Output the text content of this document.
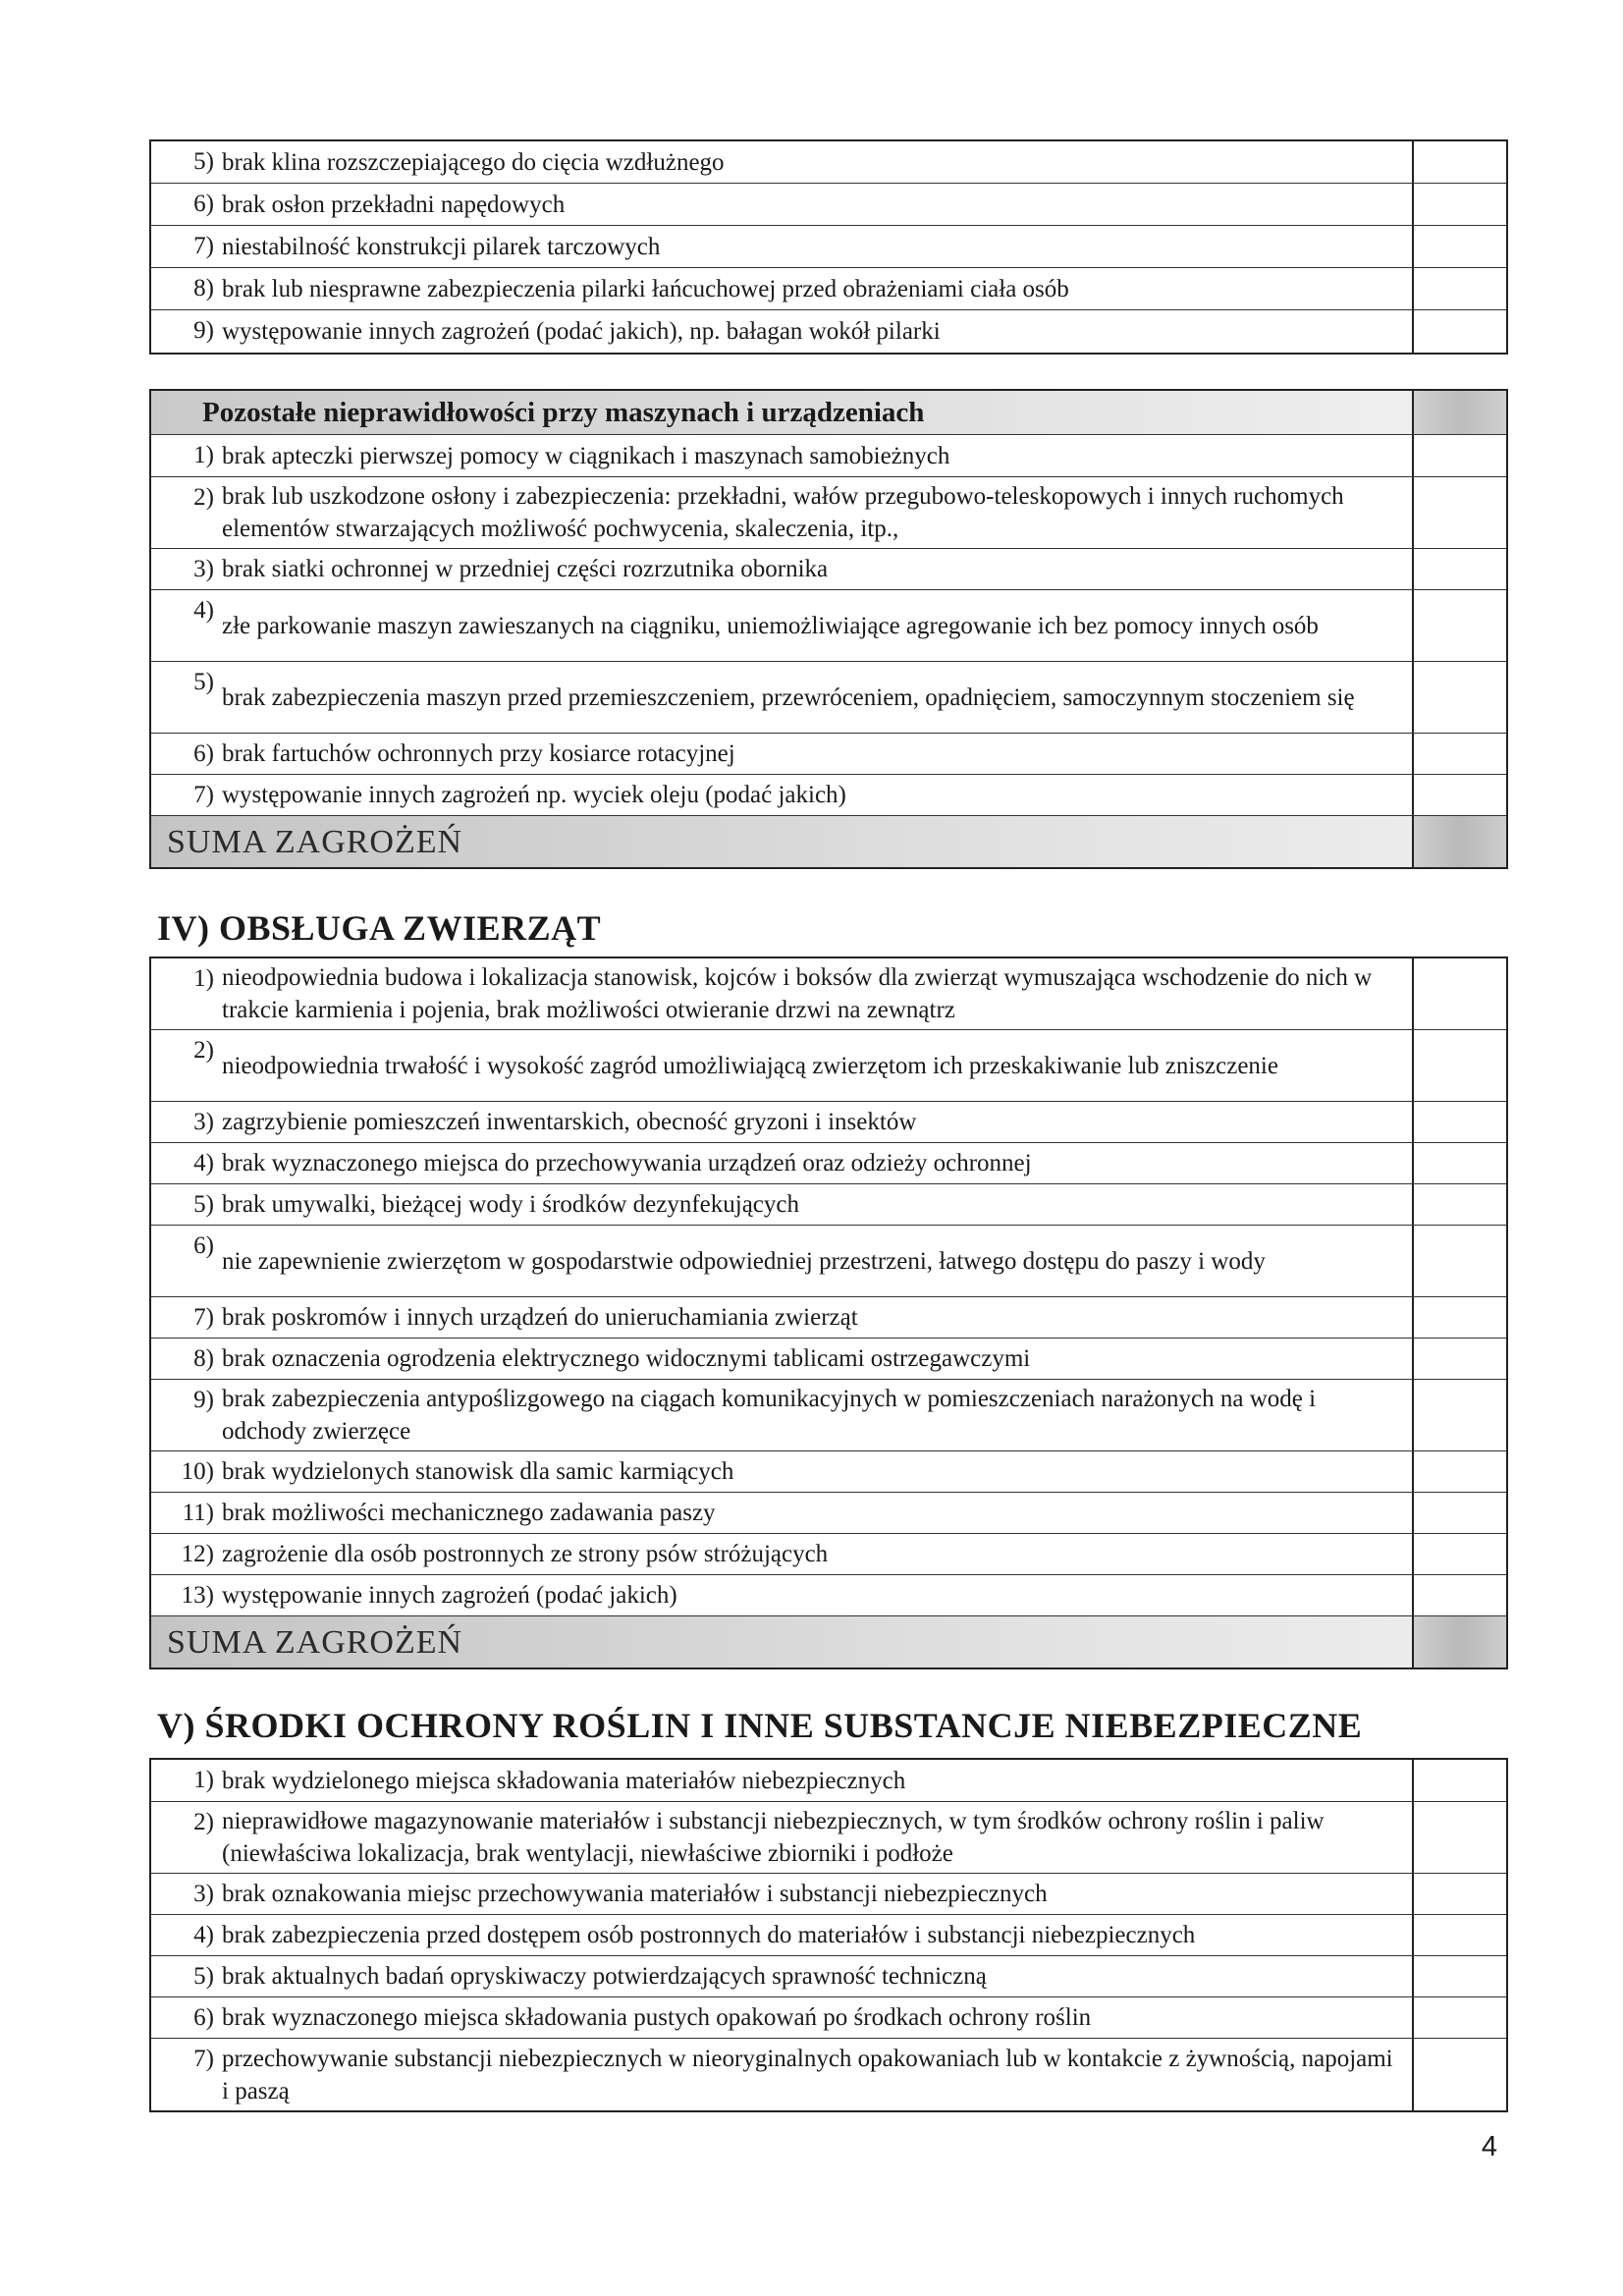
5) brak klina rozszczepiającego do cięcia wzdłużnego
6) brak osłon przekładni napędowych
7) niestabilność konstrukcji pilarek tarczowych
8) brak lub niesprawne zabezpieczenia pilarki łańcuchowej przed obrażeniami ciała osób
9) występowanie innych zagrożeń (podać jakich), np. bałagan wokół pilarki
Pozostałe nieprawidłowości przy maszynach i urządzeniach
1) brak apteczki pierwszej pomocy w ciągnikach i maszynach samobieżnych
2) brak lub uszkodzone osłony i zabezpieczenia: przekładni, wałów przegubowo-teleskopowych i innych ruchomych elementów stwarzających możliwość pochwycenia, skaleczenia, itp.,
3) brak siatki ochronnej w przedniej części rozrzutnika obornika
4)
złe parkowanie maszyn zawieszanych na ciągniku, uniemożliwiające agregowanie ich bez pomocy innych osób
5)
brak zabezpieczenia maszyn przed przemieszczeniem, przewróceniem, opadnięciem, samoczynnym stoczeniem się
6) brak fartuchów ochronnych przy kosiarce rotacyjnej
7) występowanie innych zagrożeń np. wyciek oleju (podać jakich)
SUMA ZAGROŻEŃ
IV) OBSŁUGA ZWIERZĄT
1) nieodpowiednia budowa i lokalizacja stanowisk, kojców i boksów dla zwierząt wymuszająca wschodzenie do nich w trakcie karmienia i pojenia, brak możliwości otwieranie drzwi na zewnątrz
2)
nieodpowiednia trwałość i wysokość zagród umożliwiającą zwierzętom ich przeskakiwanie lub zniszczenie
3) zagrzybienie pomieszczeń inwentarskich, obecność gryzoni i insektów
4) brak wyznaczonego miejsca do przechowywania urządzeń oraz odzieży ochronnej
5) brak umywalki, bieżącej wody i środków dezynfekujących
6)
nie zapewnienie zwierzętom w gospodarstwie odpowiedniej przestrzeni, łatwego dostępu do paszy i wody
7) brak poskromów i innych urządzeń do unieruchamiania zwierząt
8) brak oznaczenia ogrodzenia elektrycznego widocznymi tablicami ostrzegawczymi
9) brak zabezpieczenia antypoślizgowego na ciągach komunikacyjnych w pomieszczeniach narażonych na wodę i odchody zwierzęce
10) brak wydzielonych stanowisk dla samic karmiących
11) brak możliwości mechanicznego zadawania paszy
12) zagrożenie dla osób postronnych ze strony psów stróżujących
13) występowanie innych zagrożeń (podać jakich)
SUMA ZAGROŻEŃ
V) ŚRODKI OCHRONY ROŚLIN I INNE SUBSTANCJE NIEBEZPIECZNE
1) brak wydzielonego miejsca składowania materiałów niebezpiecznych
2) nieprawidłowe magazynowanie materiałów i substancji niebezpiecznych, w tym środków ochrony roślin i paliw (niewłaściwa lokalizacja, brak wentylacji, niewłaściwe zbiorniki i podłoże
3) brak oznakowania miejsc przechowywania materiałów i substancji niebezpiecznych
4) brak zabezpieczenia przed dostępem osób postronnych do materiałów i substancji niebezpiecznych
5) brak aktualnych badań opryskiwaczy potwierdzających sprawność techniczną
6) brak wyznaczonego miejsca składowania pustych opakowań po środkach ochrony roślin
7) przechowywanie substancji niebezpiecznych w nieoryginalnych opakowaniach lub w kontakcie z żywnością, napojami i paszą
4
